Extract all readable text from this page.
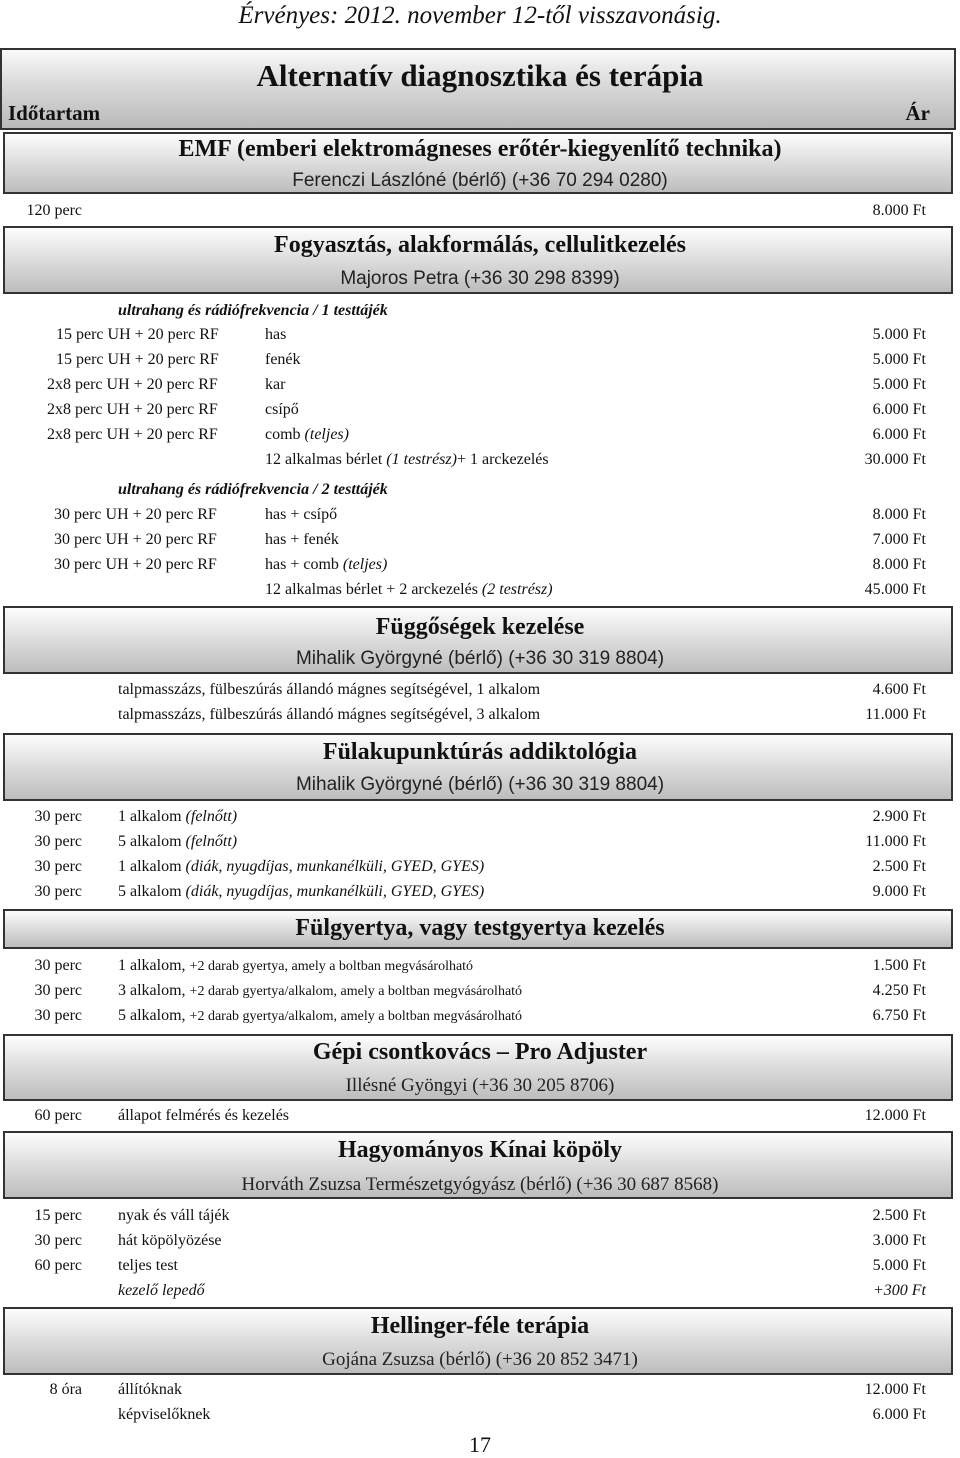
Érvényes: 2012. november 12-től visszavonásig.
Alternatív diagnosztika és terápia
Időtartam	Ár
EMF (emberi elektromágneses erőtér-kiegyenlítő technika)
Ferenczi Lászlóné (bérlő) (+36 70 294 0280)
120 perc	8.000 Ft
Fogyasztás, alakformálás, cellulitkezelés
Majoros Petra (+36 30 298 8399)
ultrahang és rádiófrekvencia / 1 testtájék
15 perc UH + 20 perc RF	has	5.000 Ft
15 perc UH + 20 perc RF	fenék	5.000 Ft
2x8 perc UH + 20 perc RF	kar	5.000 Ft
2x8 perc UH + 20 perc RF	csípő	6.000 Ft
2x8 perc UH + 20 perc RF	comb (teljes)	6.000 Ft
12 alkalmas bérlet (1 testrész)+ 1 arckezelés	30.000 Ft
ultrahang és rádiófrekvencia / 2 testtájék
30 perc UH + 20 perc RF	has + csípő	8.000 Ft
30 perc UH + 20 perc RF	has + fenék	7.000 Ft
30 perc UH + 20 perc RF	has + comb (teljes)	8.000 Ft
12 alkalmas bérlet + 2 arckezelés (2 testrész)	45.000 Ft
Függőségek kezelése
Mihalik Györgyné (bérlő) (+36 30 319 8804)
talpmasszázs, fülbeszúrás állandó mágnes segítségével, 1 alkalom	4.600 Ft
talpmasszázs, fülbeszúrás állandó mágnes segítségével, 3 alkalom	11.000 Ft
Fülakupunktúrás addiktológia
Mihalik Györgyné (bérlő) (+36 30 319 8804)
30 perc 1 alkalom (felnőtt)	2.900 Ft
30 perc 5 alkalom (felnőtt)	11.000 Ft
30 perc 1 alkalom (diák, nyugdíjas, munkanélküli, GYED, GYES)	2.500 Ft
30 perc 5 alkalom (diák, nyugdíjas, munkanélküli, GYED, GYES)	9.000 Ft
Fülgyertya, vagy testgyertya kezelés
30 perc 1 alkalom, +2 darab gyertya, amely a boltban megvásárolható	1.500 Ft
30 perc 3 alkalom, +2 darab gyertya/alkalom, amely a boltban megvásárolható	4.250 Ft
30 perc 5 alkalom, +2 darab gyertya/alkalom, amely a boltban megvásárolható	6.750 Ft
Gépi csontkovács – Pro Adjuster
Illésné Gyöngyi (+36 30 205 8706)
60 perc állapot felmérés és kezelés	12.000 Ft
Hagyományos Kínai köpöly
Horváth Zsuzsa Természetgyógyász (bérlő) (+36 30 687 8568)
15 perc nyak és váll tájék	2.500 Ft
30 perc hát köpölyözése	3.000 Ft
60 perc teljes test	5.000 Ft
kezelő lepedő	+300 Ft
Hellinger-féle terápia
Gojána Zsuzsa (bérlő) (+36 20 852 3471)
8 óra állítóknak	12.000 Ft
képviselőknek	6.000 Ft
17
